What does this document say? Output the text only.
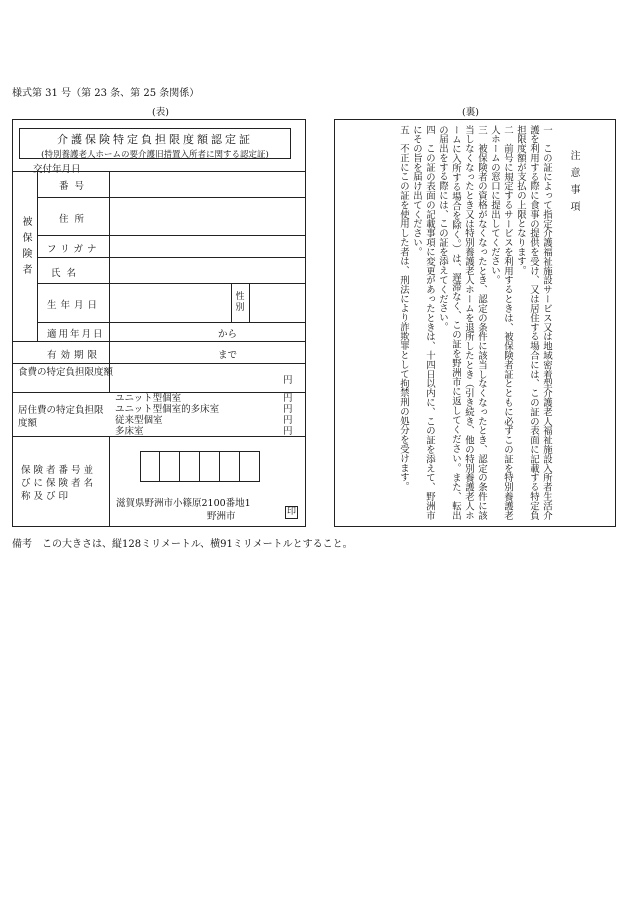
様式第 31 号（第 23 条、第 25 条関係）
(表)	(裏)
介護保険特定負担限度額認定証
(特別養護老人ホームの要介護旧措置入所者に関する認定証)
交付年月日
被保険者
番号
住所
フリガナ
氏名
生年月日
性別
適用年月日	から
有効期限	まで
食費の特定負担限度額
円
居住費の特定負担限度額
ユニット型個室	円
ユニット型個室的多床室	円
従来型個室	円
多床室	円
保険者番号並びに保険者名称及び印
滋賀県野洲市小篠原2100番地1
野洲市	印
注意事項
一　この証によって指定介護福祉施設サービス又は地域密着型介護老人福祉施設入所者生活介護を利用する際に食事の提供を受け、又は居住する場合には、この証の表面に記載する特定負担限度額が支払の上限となります。
二　前号に規定するサービスを利用するときは、被保険者証とともに必ずこの証を特別養護老人ホームの窓口に提出してください。
三　被保険者の資格がなくなったとき、認定の条件に該当しなくなったとき、認定の条件に該当しなくなったとき又は特別養護老人ホームを退所したとき（引き続き、他の特別養護老人ホームに入所する場合を除く。）は、遅滞なく、この証を野洲市に返してください。また、転出の届出をする際には、この証を添えてください。
四　この証の表面の記載事項に変更があったときは、十四日以内に、この証を添えて、野洲市にその旨を届け出てください。
五　不正にこの証を使用した者は、刑法により詐欺罪として拘禁刑の処分を受けます。
備考　この大きさは、縦128ミリメートル、横91ミリメートルとすること。
